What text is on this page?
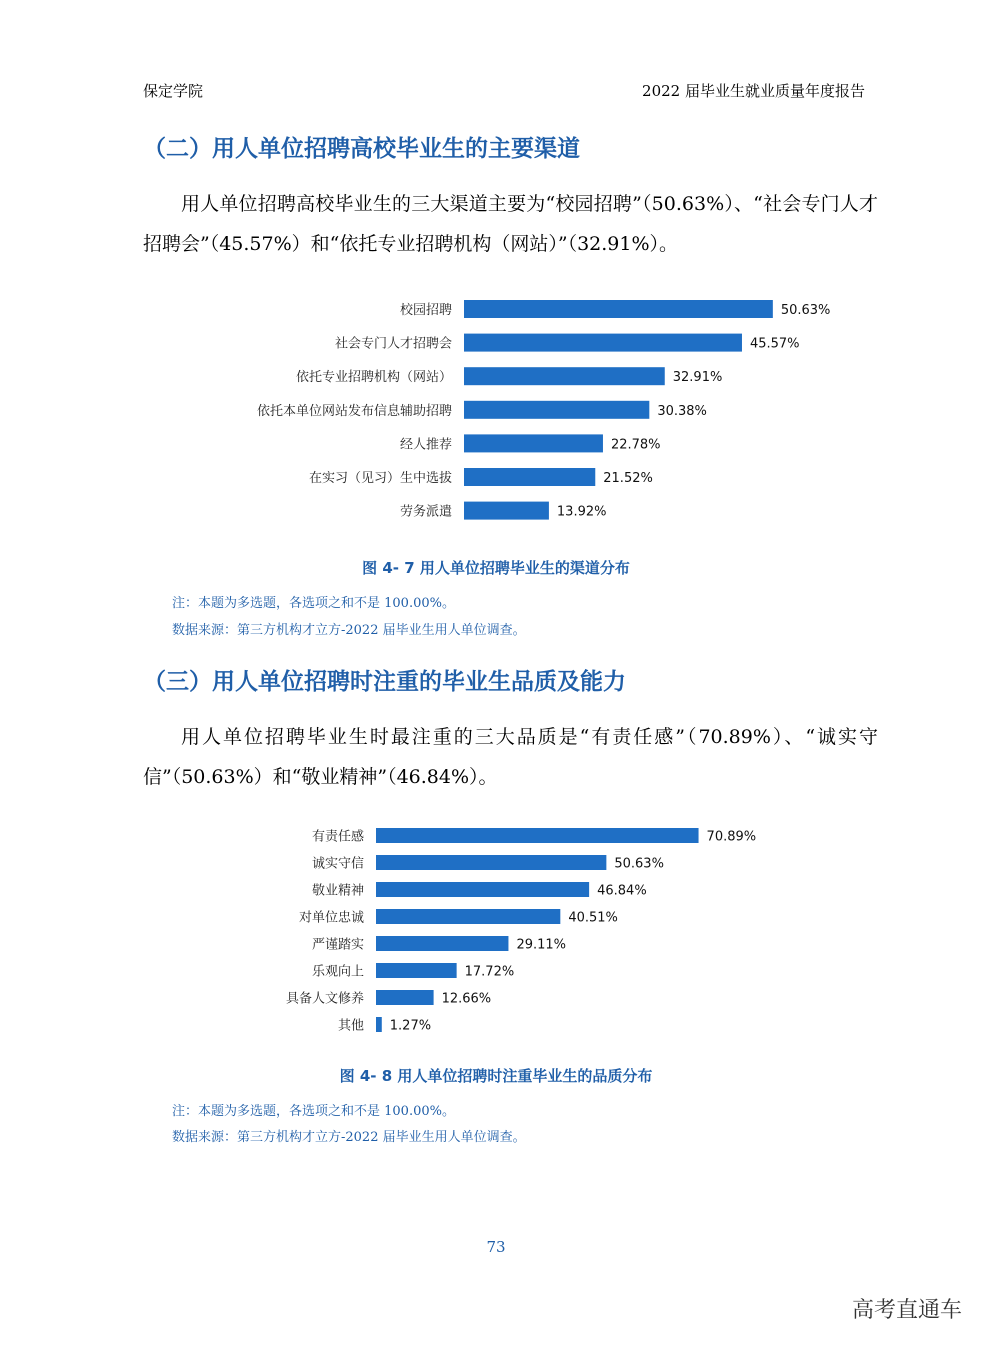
保定学院	2022 届毕业生就业质量年度报告
（二）用人单位招聘高校毕业生的主要渠道
用人单位招聘高校毕业生的三大渠道主要为“校园招聘”（50.63%）、“社会专门人才招聘会”（45.57%）和“依托专业招聘机构（网站）”（32.91%）。
校园招聘	50.63%
社会专门人才招聘会	45.57%
依托专业招聘机构（网站）	32.91%
依托本单位网站发布信息辅助招聘	30.38%
经人推荐	22.78%
在实习（见习）生中选拔	21.52%
劳务派遣	13.92%
图 4- 7 用人单位招聘毕业生的渠道分布
注：本题为多选题，各选项之和不是 100.00%。
数据来源：第三方机构才立方-2022 届毕业生用人单位调查。
（三）用人单位招聘时注重的毕业生品质及能力
用人单位招聘毕业生时最注重的三大品质是“有责任感”（70.89%）、“诚实守信”（50.63%）和“敬业精神”（46.84%）。
有责任感	70.89%
诚实守信	50.63%
敬业精神	46.84%
对单位忠诚	40.51%
严谨踏实	29.11%
乐观向上	17.72%
具备人文修养	12.66%
其他 1.27%
图 4- 8 用人单位招聘时注重毕业生的品质分布
注：本题为多选题，各选项之和不是 100.00%。
数据来源：第三方机构才立方-2022 届毕业生用人单位调查。
73
高考直通车
